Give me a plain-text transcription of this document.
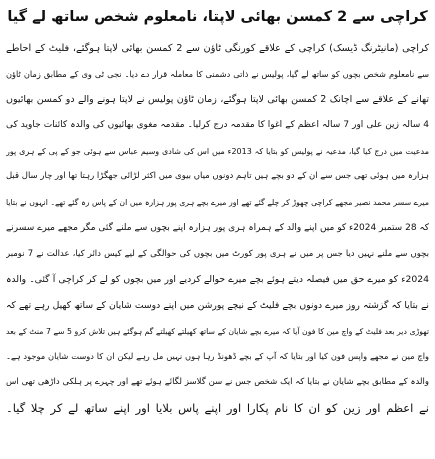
کراچی سے 2 کمسن بھائی لاپتا، نامعلوم شخص ساتھ لے گیا
کراچی (مانیٹرنگ ڈیسک) کراچی کے علاقے کورنگی ٹاؤن سے 2 کمسن بھائی لاپتا ہوگئے، فلیٹ کے احاطے
سے نامعلوم شخص بچوں کو ساتھ لے گیا، پولیس نے ذاتی دشمنی کا معاملہ قرار دے دیا۔ نجی ٹی وی کے مطابق زمان ٹاؤن
تھانے کے علاقے سے اچانک 2 کمسن بھائی لاپتا ہوگئے، زمان ٹاؤن پولیس نے لاپتا ہونے والے دو کمسن بھائیوں
4 سالہ زین علی اور 7 سالہ اعظم کے اغوا کا مقدمہ درج کرلیا۔ مقدمہ مغوی بھائیوں کی والدہ کائنات جاوید کی
مدعیت میں درج کیا گیا، مدعیہ نے پولیس کو بتایا کہ 2013ء میں اس کی شادی وسیم عباس سے ہوئی جو کے پی کے ہری پور
ہزارہ میں ہوئی تھی جس سے ان کے دو بچے ہیں تاہم دونوں میاں بیوی میں اکثر لڑائی جھگڑا رہتا تھا اور چار سال قبل
میرے سسر محمد نصیر مجھے کراچی چھوڑ کر چلے گئے تھے اور میرے بچے ہری پور ہزارہ میں ان کے پاس رہ گئے تھے۔ انہوں نے بتایا
کہ 28 ستمبر 2024ء کو میں اپنے والد کے ہمراہ ہری پور ہزارہ اپنے بچوں سے ملنے گئی مگر مجھے میرے سسرنے
بچوں سے ملنے نہیں دیا جس پر میں نے ہری پور کورٹ میں بچوں کی حوالگی کے لیے کیس دائر کیا، عدالت نے 7 نومبر
2024ء کو میرے حق میں فیصلہ دیتے ہوئے بچے میرے حوالے کردیے اور میں بچوں کو لے کر کراچی آ گئی۔ والدہ
نے بتایا کہ گزشتہ روز میرے دونوں بچے فلیٹ کے نیچے پورشن میں اپنے دوست شایان کے ساتھ کھیل رہے تھے کہ
تھوڑی دیر بعد فلیٹ کے واچ مین کا فون آیا کہ میرے بچے شایان کے ساتھ کھیلتے کھیلتے گم ہوگئے ہیں تلاش کرو 5 سے 7 منٹ کے بعد
واچ مین نے مجھے واپس فون کیا اور بتایا کہ آپ کے بچے ڈھونڈ رہا ہوں نہیں مل رہے لیکن ان کا دوست شایان موجود ہے۔
والدہ کے مطابق بچے شایان نے بتایا کہ ایک شخص جس نے سن گلاسز لگائے ہوئے تھے اور چہرے پر ہلکی داڑھی تھی اس
نے اعظم اور زین کو ان کا نام پکارا اور اپنے پاس بلایا اور اپنے ساتھ لے کر چلا گیا۔
